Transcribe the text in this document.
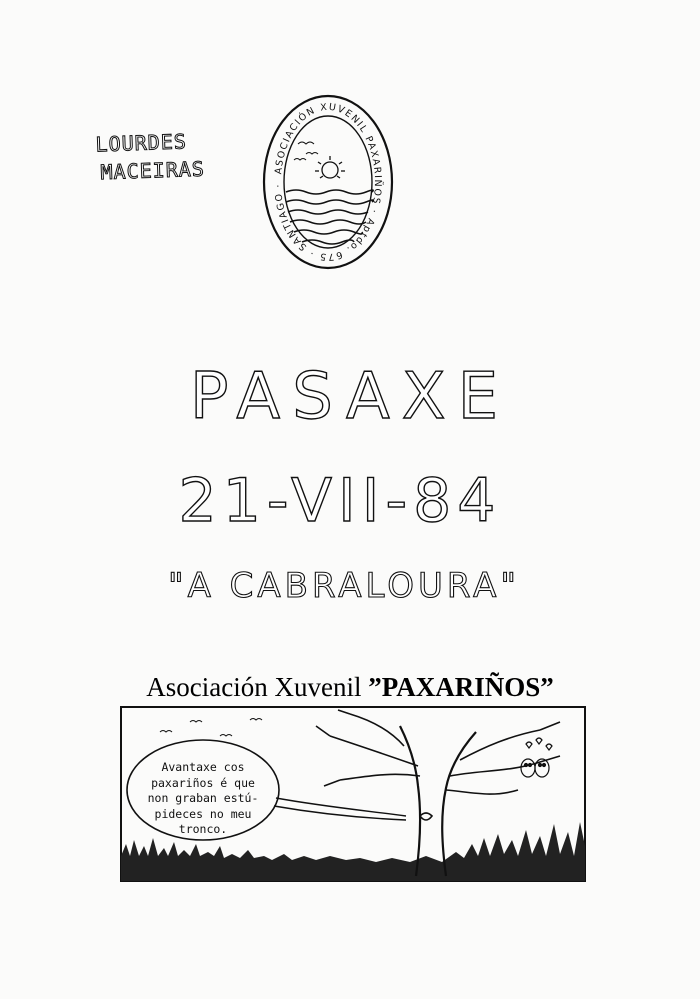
LOURDES
MACEIRAS	ASOCIACIÓN XUVENIL PAXARIÑOS · Aptdo. 675 · SANTIAGO ·
PASAXE
21-VII-84
"A CABRALOURA"
Asociación Xuvenil ”PAXARIÑOS”
Avantaxe cos
paxariños é que
non graban estú-
pideces no meu
tronco.
